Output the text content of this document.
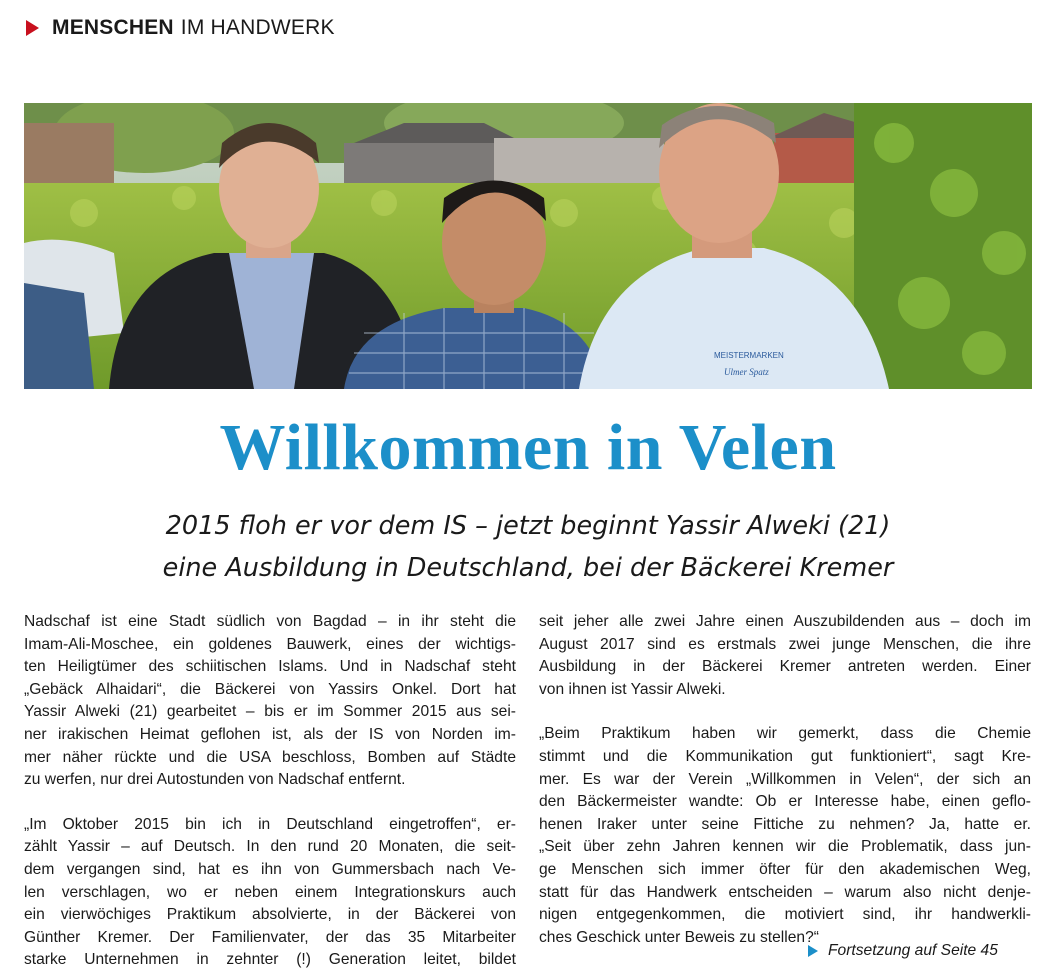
MENSCHEN IM HANDWERK
MEISTERMARKEN
Ulmer Spatz
Willkommen in Velen
2015 floh er vor dem IS – jetzt beginnt Yassir Alweki (21)
eine Ausbildung in Deutschland, bei der Bäckerei Kremer
Nadschaf ist eine Stadt südlich von Bagdad – in ihr steht die
Imam-Ali-Moschee, ein goldenes Bauwerk, eines der wichtigs-
ten Heiligtümer des schiitischen Islams. Und in Nadschaf steht
„Gebäck Alhaidari“, die Bäckerei von Yassirs Onkel. Dort hat
Yassir Alweki (21) gearbeitet – bis er im Sommer 2015 aus sei-
ner irakischen Heimat geflohen ist, als der IS von Norden im-
mer näher rückte und die USA beschloss, Bomben auf Städte
zu werfen, nur drei Autostunden von Nadschaf entfernt.
„Im Oktober 2015 bin ich in Deutschland eingetroffen“, er-
zählt Yassir – auf Deutsch. In den rund 20 Monaten, die seit-
dem vergangen sind, hat es ihn von Gummersbach nach Ve-
len verschlagen, wo er neben einem Integrationskurs auch
ein vierwöchiges Praktikum absolvierte, in der Bäckerei von
Günther Kremer. Der Familienvater, der das 35 Mitarbeiter
starke Unternehmen in zehnter (!) Generation leitet, bildet
seit jeher alle zwei Jahre einen Auszubildenden aus – doch im
August 2017 sind es erstmals zwei junge Menschen, die ihre
Ausbildung in der Bäckerei Kremer antreten werden. Einer
von ihnen ist Yassir Alweki.
„Beim Praktikum haben wir gemerkt, dass die Chemie
stimmt und die Kommunikation gut funktioniert“, sagt Kre-
mer. Es war der Verein „Willkommen in Velen“, der sich an
den Bäckermeister wandte: Ob er Interesse habe, einen geflo-
henen Iraker unter seine Fittiche zu nehmen? Ja, hatte er.
„Seit über zehn Jahren kennen wir die Problematik, dass jun-
ge Menschen sich immer öfter für den akademischen Weg,
statt für das Handwerk entscheiden – warum also nicht denje-
nigen entgegenkommen, die motiviert sind, ihr handwerkli-
ches Geschick unter Beweis zu stellen?“
Fortsetzung auf Seite 45
